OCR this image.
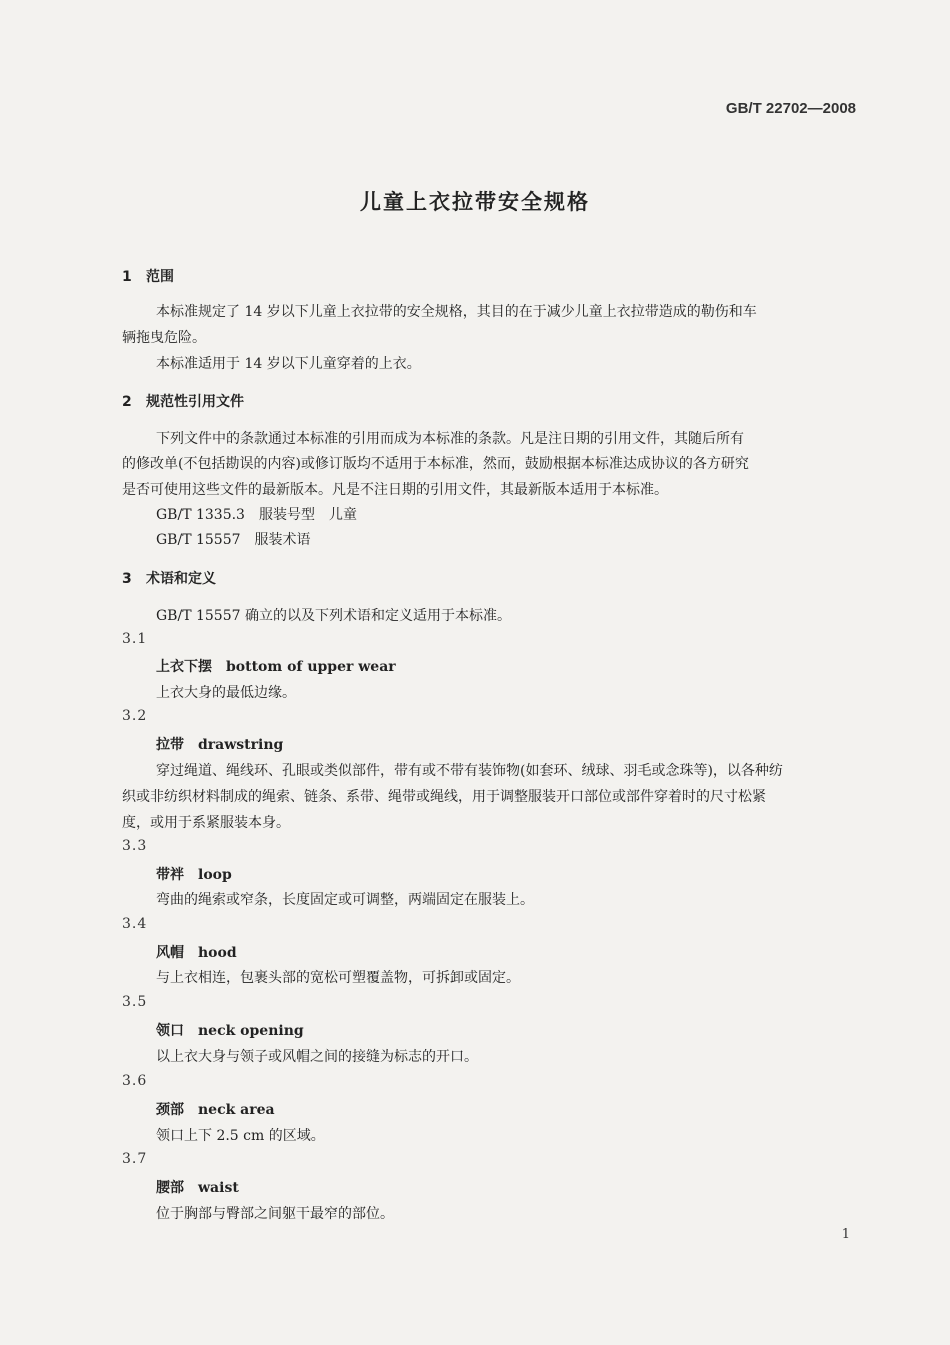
GB/T 22702—2008
儿童上衣拉带安全规格
1 范围
本标准规定了 14 岁以下儿童上衣拉带的安全规格，其目的在于减少儿童上衣拉带造成的勒伤和车
辆拖曳危险。
本标准适用于 14 岁以下儿童穿着的上衣。
2 规范性引用文件
下列文件中的条款通过本标准的引用而成为本标准的条款。凡是注日期的引用文件，其随后所有
的修改单(不包括勘误的内容)或修订版均不适用于本标准，然而，鼓励根据本标准达成协议的各方研究
是否可使用这些文件的最新版本。凡是不注日期的引用文件，其最新版本适用于本标准。
GB/T 1335.3　服装号型　儿童
GB/T 15557　服装术语
3 术语和定义
GB/T 15557 确立的以及下列术语和定义适用于本标准。
3.1
上衣下摆 bottom of upper wear
上衣大身的最低边缘。
3.2
拉带 drawstring
穿过绳道、绳线环、孔眼或类似部件，带有或不带有装饰物(如套环、绒球、羽毛或念珠等)，以各种纺
织或非纺织材料制成的绳索、链条、系带、绳带或绳线，用于调整服装开口部位或部件穿着时的尺寸松紧
度，或用于系紧服装本身。
3.3
带袢 loop
弯曲的绳索或窄条，长度固定或可调整，两端固定在服装上。
3.4
风帽 hood
与上衣相连，包裹头部的宽松可塑覆盖物，可拆卸或固定。
3.5
领口 neck opening
以上衣大身与领子或风帽之间的接缝为标志的开口。
3.6
颈部 neck area
领口上下 2.5 cm 的区域。
3.7
腰部 waist
位于胸部与臀部之间躯干最窄的部位。
1
